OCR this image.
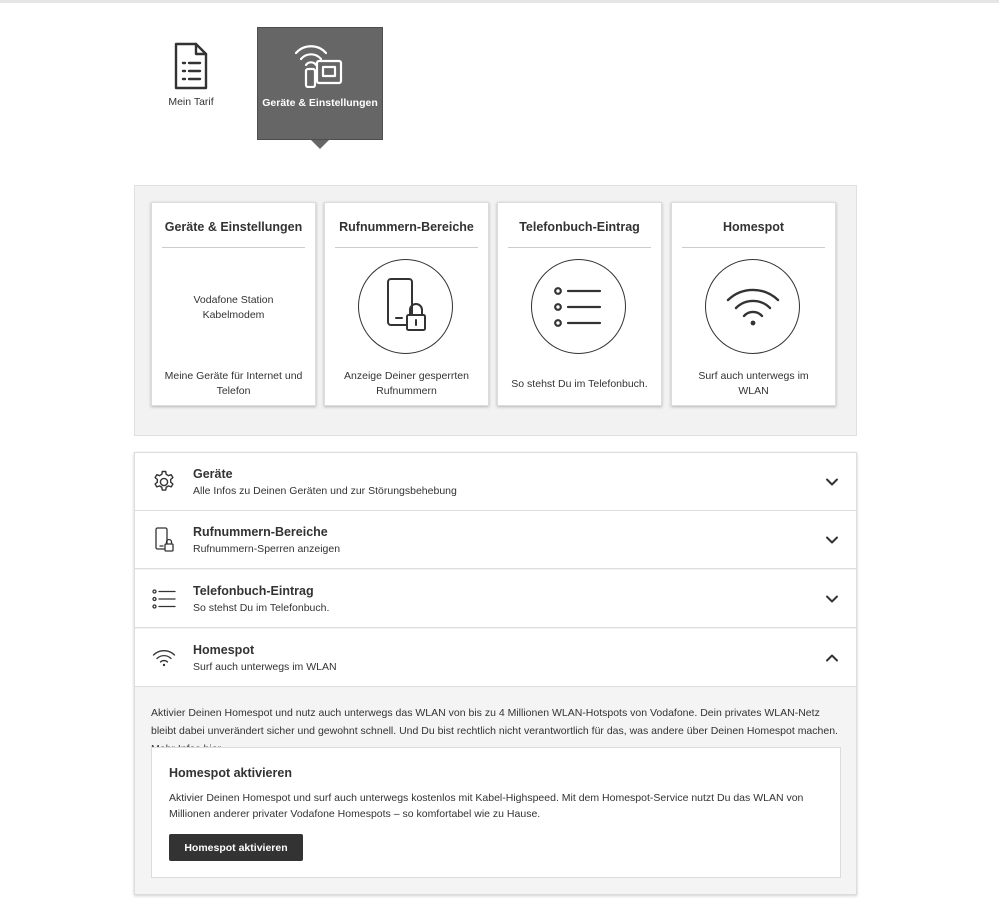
Mein Tarif	Geräte & Einstellungen
Geräte & Einstellungen
Vodafone Station
Kabelmodem
Meine Geräte für Internet und Telefon
Rufnummern-Bereiche
Anzeige Deiner gesperrten Rufnummern
Telefonbuch-Eintrag
So stehst Du im Telefonbuch.
Homespot
Surf auch unterwegs im WLAN
Geräte
Alle Infos zu Deinen Geräten und zur Störungsbehebung
Rufnummern-Bereiche
Rufnummern-Sperren anzeigen
Telefonbuch-Eintrag
So stehst Du im Telefonbuch.
Homespot
Surf auch unterwegs im WLAN
Aktivier Deinen Homespot und nutz auch unterwegs das WLAN von bis zu 4 Millionen WLAN-Hotspots von Vodafone. Dein privates WLAN-Netz bleibt dabei unverändert sicher und gewohnt schnell. Und Du bist rechtlich nicht verantwortlich für das, was andere über Deinen Homespot machen.
Homespot aktivieren
Aktivier Deinen Homespot und surf auch unterwegs kostenlos mit Kabel-Highspeed. Mit dem Homespot-Service nutzt Du das WLAN von Millionen anderer privater Vodafone Homespots – so komfortabel wie zu Hause.
Homespot aktivieren
